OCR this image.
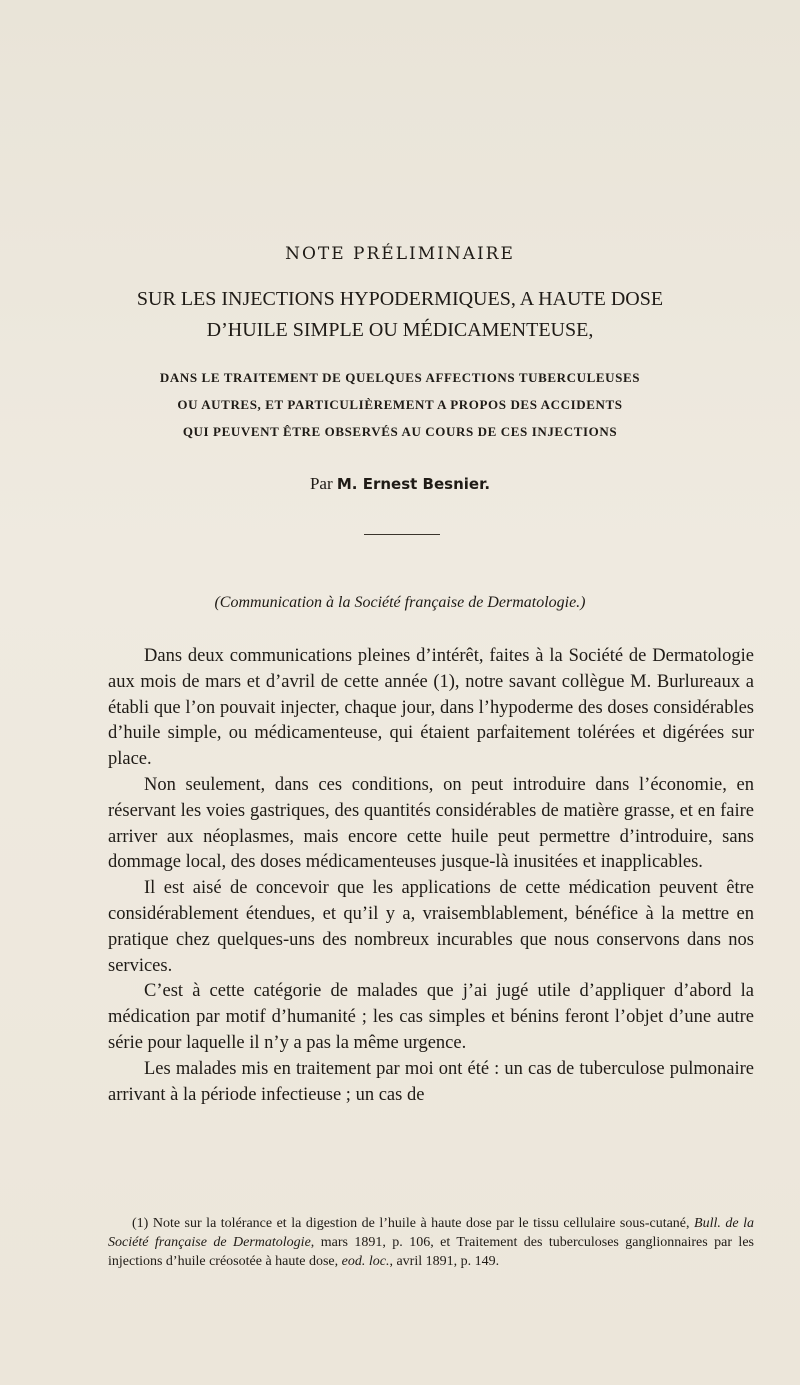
NOTE PRÉLIMINAIRE
SUR LES INJECTIONS HYPODERMIQUES, A HAUTE DOSE
D’HUILE SIMPLE OU MÉDICAMENTEUSE,
DANS LE TRAITEMENT DE QUELQUES AFFECTIONS TUBERCULEUSES
OU AUTRES, ET PARTICULIÈREMENT A PROPOS DES ACCIDENTS
QUI PEUVENT ÊTRE OBSERVÉS AU COURS DE CES INJECTIONS
Par M. Ernest Besnier.
(Communication à la Société française de Dermatologie.)

Dans deux communications pleines d’intérêt, faites à la Société de Dermatologie aux mois de mars et d’avril de cette année (1), notre savant collègue M. Burlureaux a établi que l’on pouvait injecter, chaque jour, dans l’hypoderme des doses considérables d’huile simple, ou médicamenteuse, qui étaient parfaitement tolérées et digérées sur place.

Non seulement, dans ces conditions, on peut introduire dans l’économie, en réservant les voies gastriques, des quantités considérables de matière grasse, et en faire arriver aux néoplasmes, mais encore cette huile peut permettre d’introduire, sans dommage local, des doses médicamenteuses jusque-là inusitées et inapplicables.

Il est aisé de concevoir que les applications de cette médication peuvent être considérablement étendues, et qu’il y a, vraisemblablement, bénéfice à la mettre en pratique chez quelques-uns des nombreux incurables que nous conservons dans nos services.

C’est à cette catégorie de malades que j’ai jugé utile d’appliquer d’abord la médication par motif d’humanité ; les cas simples et bénins feront l’objet d’une autre série pour laquelle il n’y a pas la même urgence.

Les malades mis en traitement par moi ont été : un cas de tuberculose pulmonaire arrivant à la période infectieuse ; un cas de

(1) Note sur la tolérance et la digestion de l’huile à haute dose par le tissu cellulaire sous-cutané, Bull. de la Société française de Dermatologie, mars 1891, p. 106, et Traitement des tuberculoses ganglionnaires par les injections d’huile créosotée à haute dose, eod. loc., avril 1891, p. 149.
